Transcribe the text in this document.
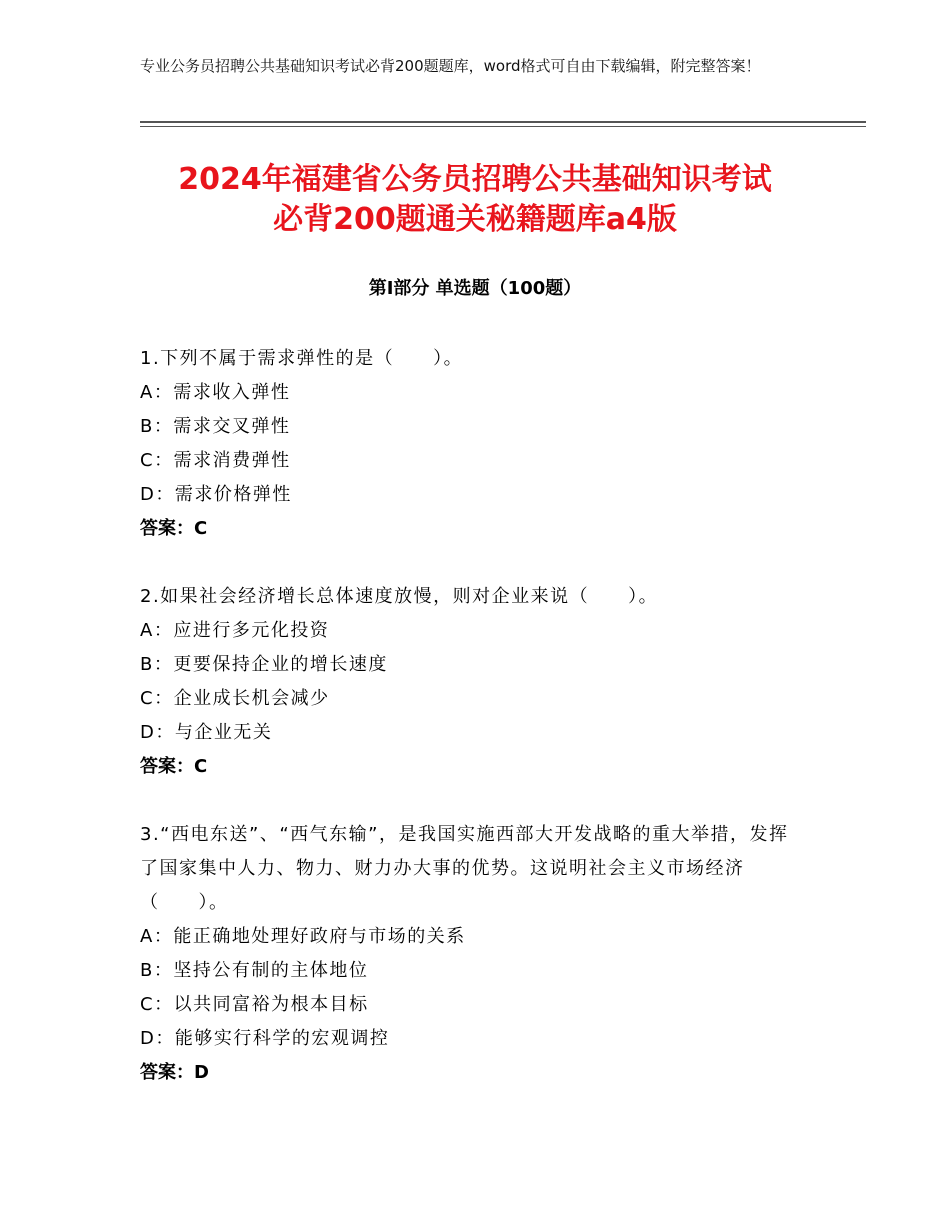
专业公务员招聘公共基础知识考试必背200题题库，word格式可自由下载编辑，附完整答案！
2024年福建省公务员招聘公共基础知识考试
必背200题通关秘籍题库a4版
第Ⅰ部分 单选题（100题）

1.下列不属于需求弹性的是（　　）。

A：需求收入弹性

B：需求交叉弹性

C：需求消费弹性

D：需求价格弹性

答案：C

2.如果社会经济增长总体速度放慢，则对企业来说（　　）。

A：应进行多元化投资

B：更要保持企业的增长速度

C：企业成长机会减少

D：与企业无关

答案：C

3.“西电东送”、“西气东输”，是我国实施西部大开发战略的重大举措，发挥了国家集中人力、物力、财力办大事的优势。这说明社会主义市场经济（　　）。

A：能正确地处理好政府与市场的关系

B：坚持公有制的主体地位

C：以共同富裕为根本目标

D：能够实行科学的宏观调控

答案：D
